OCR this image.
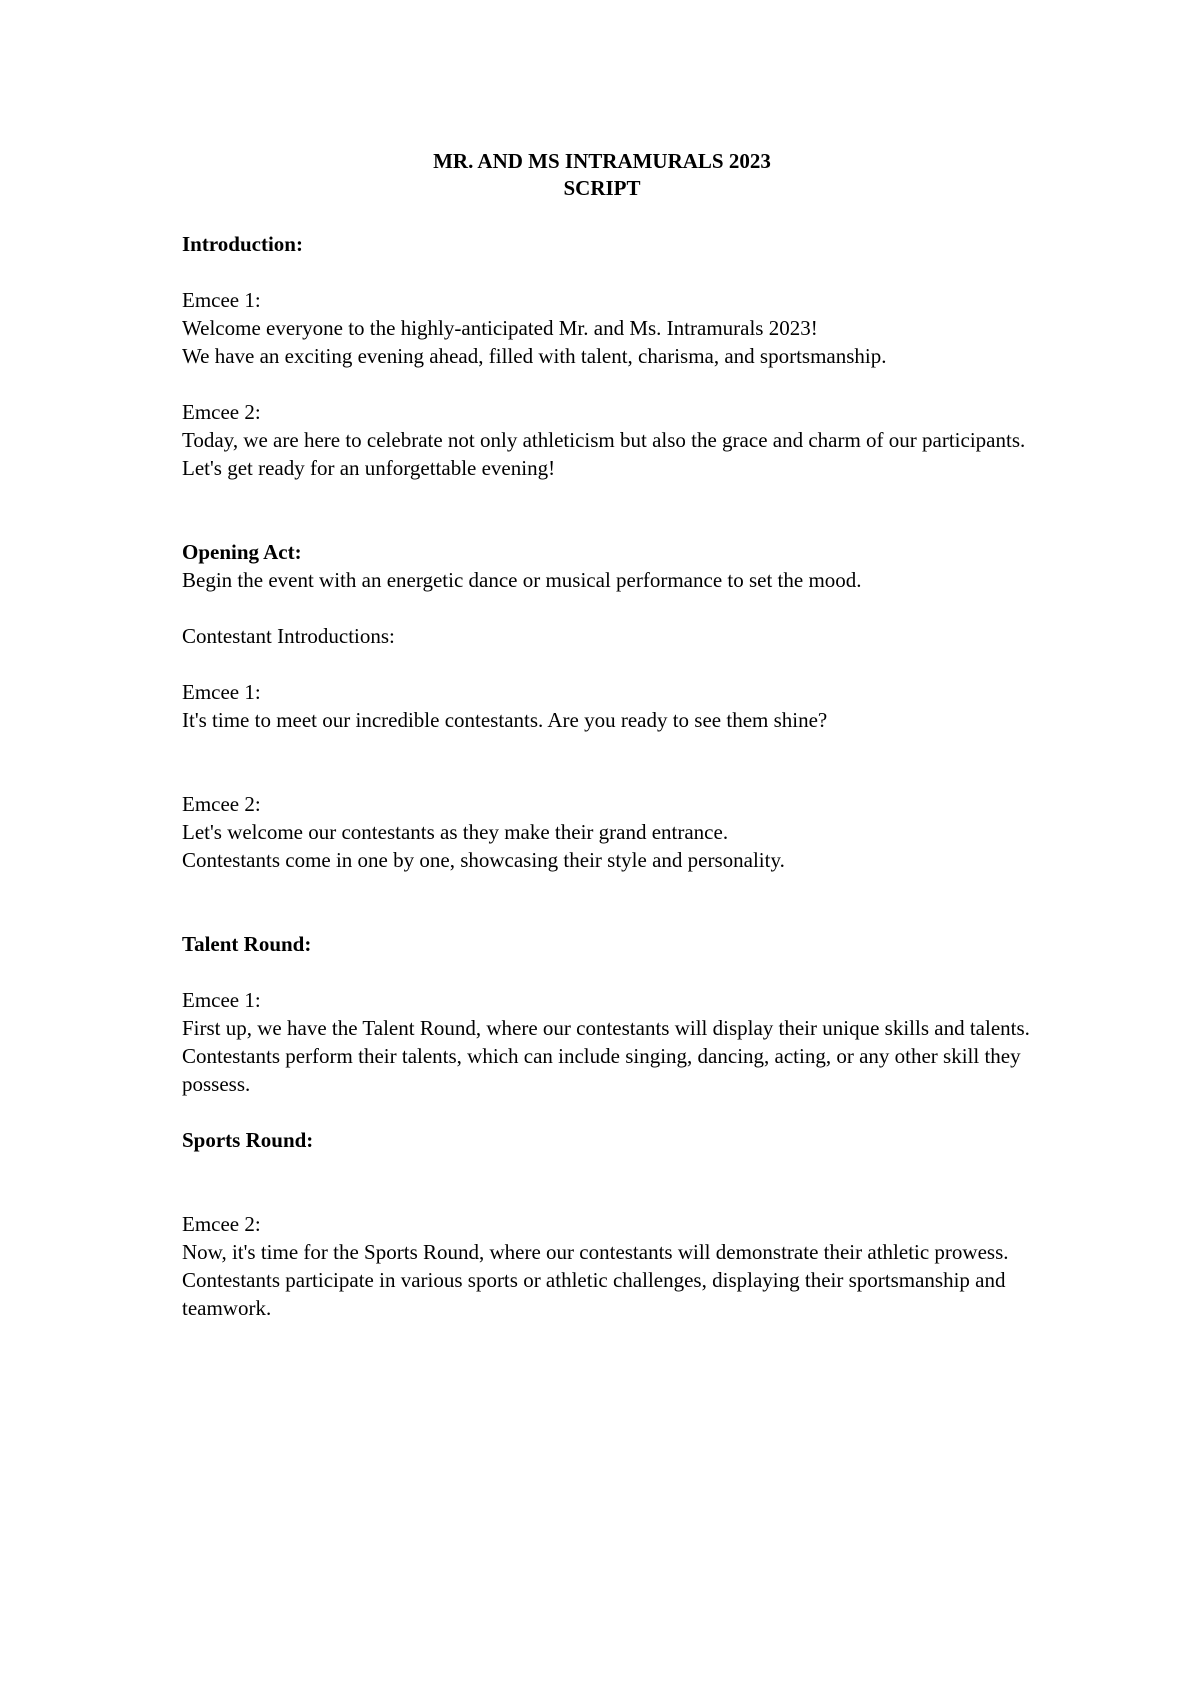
MR. AND MS INTRAMURALS 2023
SCRIPT

Introduction:

Emcee 1:

Welcome everyone to the highly-anticipated Mr. and Ms. Intramurals 2023!

We have an exciting evening ahead, filled with talent, charisma, and sportsmanship.

Emcee 2:

Today, we are here to celebrate not only athleticism but also the grace and charm of our participants.

Let's get ready for an unforgettable evening!

Opening Act:

Begin the event with an energetic dance or musical performance to set the mood.

Contestant Introductions:

Emcee 1:

It's time to meet our incredible contestants. Are you ready to see them shine?

Emcee 2:

Let's welcome our contestants as they make their grand entrance.

Contestants come in one by one, showcasing their style and personality.

Talent Round:

Emcee 1:

First up, we have the Talent Round, where our contestants will display their unique skills and talents.

Contestants perform their talents, which can include singing, dancing, acting, or any other skill they possess.

Sports Round:

Emcee 2:

Now, it's time for the Sports Round, where our contestants will demonstrate their athletic prowess.

Contestants participate in various sports or athletic challenges, displaying their sportsmanship and teamwork.
